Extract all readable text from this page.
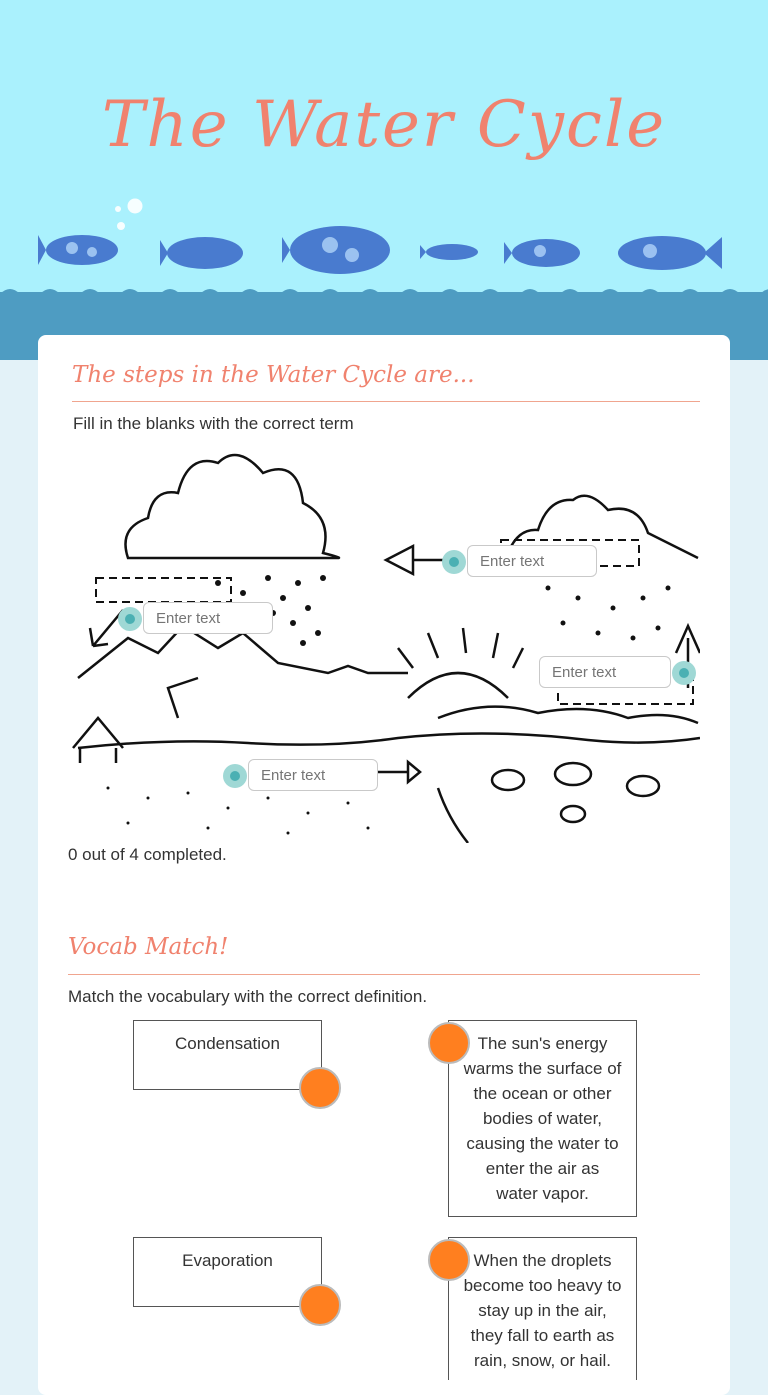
The Water Cycle
The steps in the Water Cycle are...
Fill in the blanks with the correct term
Enter text
Enter text
Enter text
Enter text
0 out of 4 completed.
Vocab Match!
Match the vocabulary with the correct definition.
Condensation	The sun's energy warms the surface of the ocean or other bodies of water, causing the water to enter the air as water vapor.
Evaporation	When the droplets become too heavy to stay up in the air, they fall to earth as rain, snow, or hail.
